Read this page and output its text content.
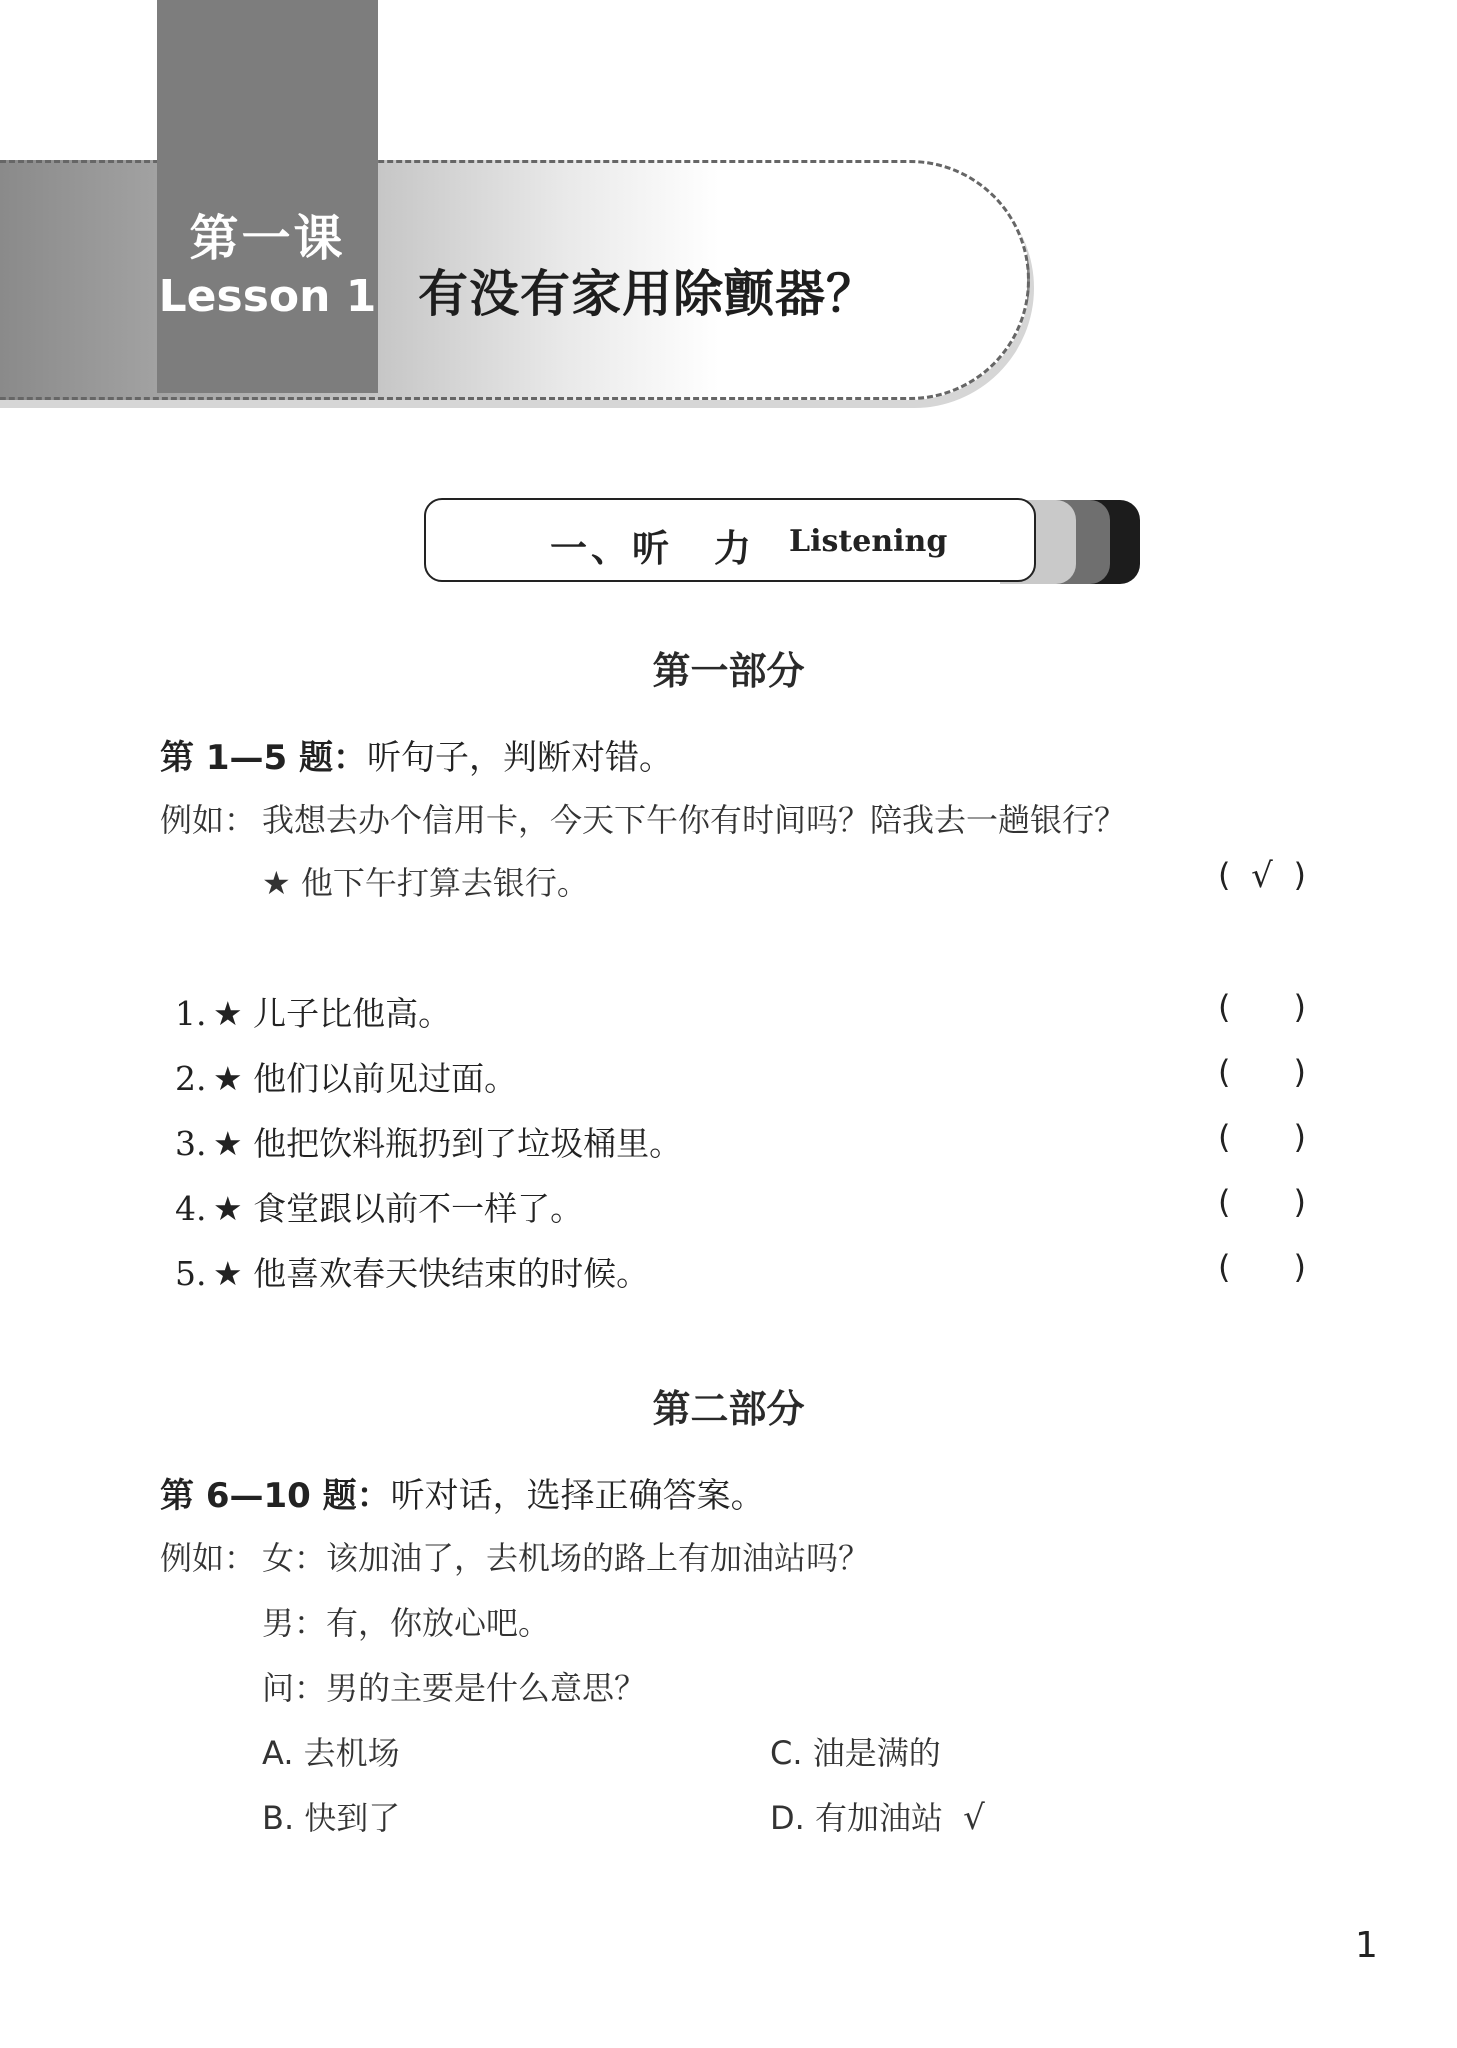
第一课
Lesson 1 有没有家用除颤器？
一、听　力 Listening
第一部分
第 1—5 题：听句子，判断对错。
例如： 我想去办个信用卡，今天下午你有时间吗？陪我去一趟银行？
★ 他下午打算去银行。	( √ )
1. ★ 儿子比他高。	( )
2. ★ 他们以前见过面。	( )
3. ★ 他把饮料瓶扔到了垃圾桶里。	( )
4. ★ 食堂跟以前不一样了。	( )
5. ★ 他喜欢春天快结束的时候。	( )
第二部分
第 6—10 题：听对话，选择正确答案。
例如： 女：该加油了，去机场的路上有加油站吗？
男：有，你放心吧。
问：男的主要是什么意思？
A. 去机场	C. 油是满的
B. 快到了	D. 有加油站 √
1
